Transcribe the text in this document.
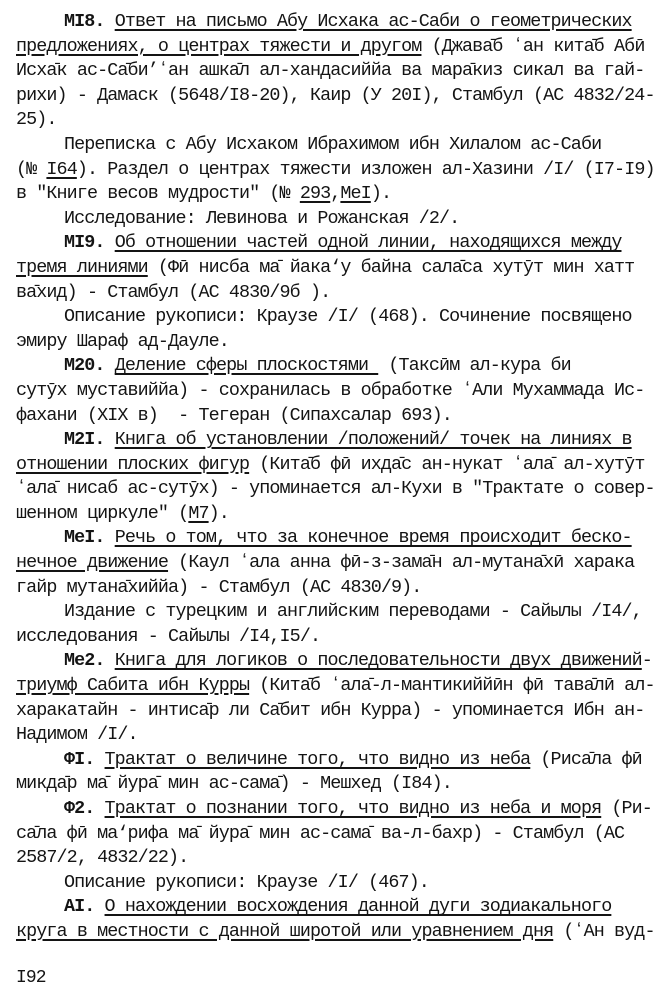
MI8. Ответ на письмо Абу Исхака ас-Саби о геометрических
предложениях, о центрах тяжести и другом (Джава̄б ʻан кита̄б Абӣ
Исха̄к ас-Са̄би’ʻан ашка̄л ал-хандасиййа ва мара̄киз сикал ва гай-
рихи) - Дамаск (5648/I8-20), Каир (У 20I), Стамбул (АС 4832/24-
25).
Переписка с Абу Исхаком Ибрахимом ибн Хилалом ас-Саби
(№ I64). Раздел о центрах тяжести изложен ал-Хазини /I/ (I7-I9)
в "Книге весов мудрости" (№ 293,МеI).
Исследование: Левинова и Рожанская /2/.
MI9. Об отношении частей одной линии, находящихся между
тремя линиями (Фӣ нисба ма̄ йака‘у байна сала̄са хутӯт мин хатт
ва̄хид) - Стамбул (АС 4830/9б ).
Описание рукописи: Краузе /I/ (468). Сочинение посвящено
эмиру Шараф ад-Дауле.
M20. Деление сферы плоскостями  (Таксӣм ал-кура би
сутӯх муставиййа) - сохранилась в обработке ʻАли Мухаммада Ис-
фахани (XIX в)  - Тегеран (Сипахсалар 693).
M2I. Книга об установлении /положений/ точек на линиях в
отношении плоских фигур (Кита̄б фӣ ихда̄с ан-нукат ʻала̄ ал-хутӯт
ʻала̄ нисаб ас-сутӯх) - упоминается ал-Кухи в "Трактате о совер-
шенном циркуле" (M7).
МеI. Речь о том, что за конечное время происходит беско-
нечное движение (Каул ʻала анна фӣ-з-зама̄н ал-мутана̄хӣ харака
гайр мутана̄хиййа) - Стамбул (АС 4830/9).
Издание с турецким и английским переводами - Сайылы /I4/,
исследования - Сайылы /I4,I5/.
Ме2. Книга для логиков о последовательности двух движений-
триумф Сабита ибн Курры (Кита̄б ʻала̄-л-мантикиййӣн фӣ тава̄лӣ ал-
харакатайн - интиса̄р ли Са̄бит ибн Курра) - упоминается Ибн ан-
Надимом /I/.
ФI. Трактат о величине того, что видно из неба (Риса̄ла фӣ
микда̄р ма̄ йура̄ мин ас-сама̄) - Мешхед (I84).
Ф2. Трактат о познании того, что видно из неба и моря (Ри-
са̄ла фӣ ма‘рифа ма̄ йура̄ мин ас-сама̄ ва-л-бахр) - Стамбул (АС
2587/2, 4832/22).
Описание рукописи: Краузе /I/ (467).
AI. О нахождении восхождения данной дуги зодиакального
круга в местности с данной широтой или уравнением дня (ʻАн вуд-
I92
